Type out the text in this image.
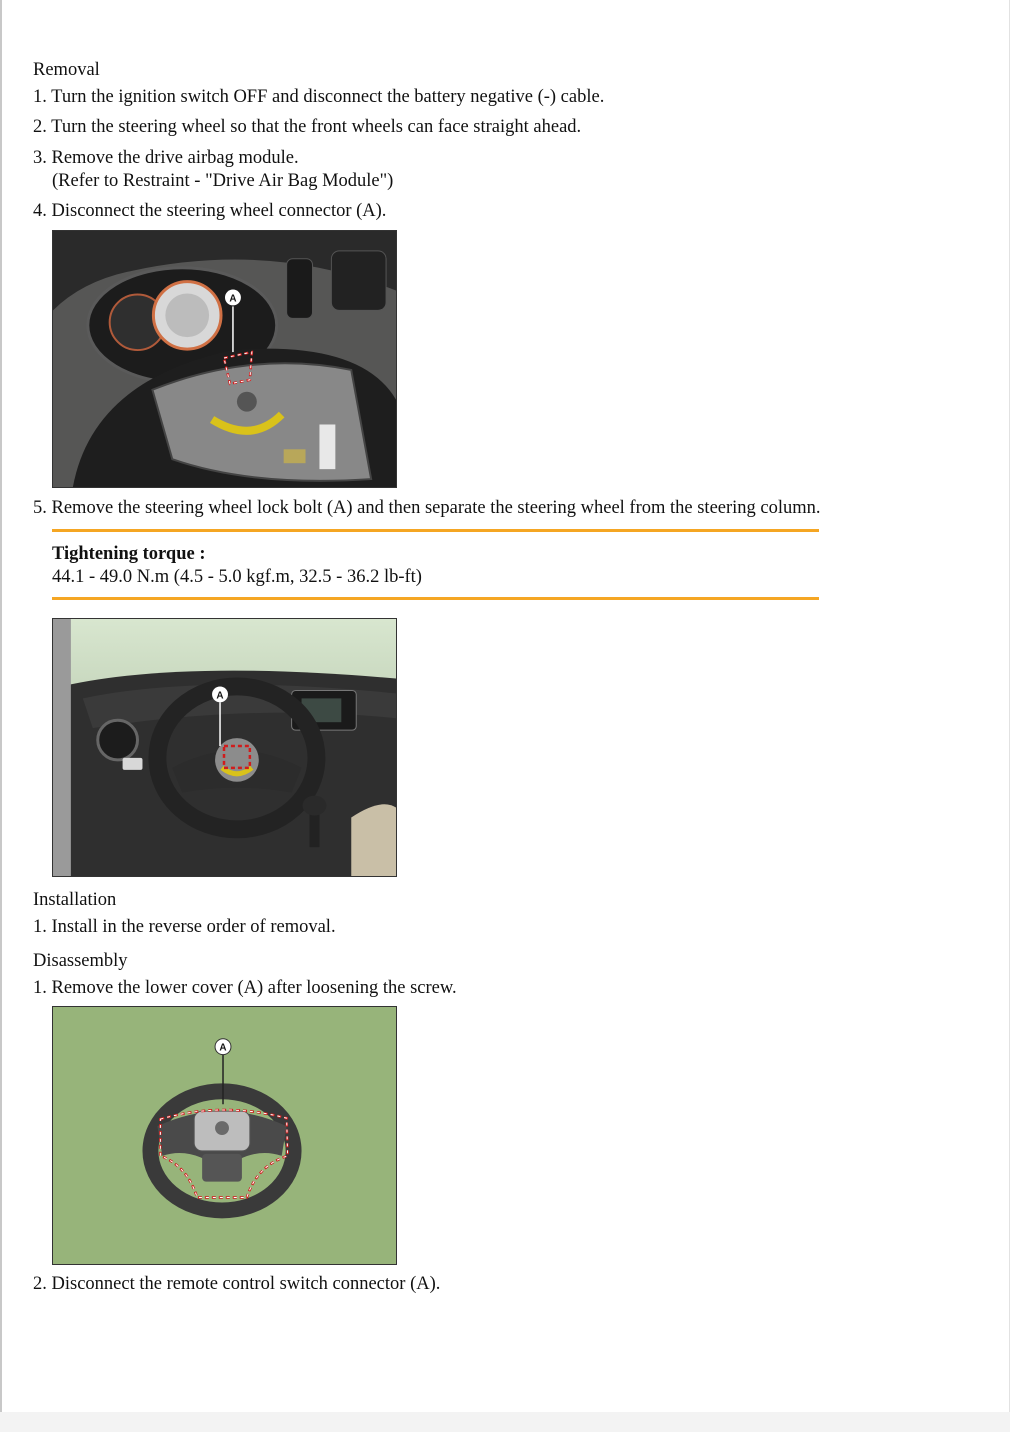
Removal
1. Turn the ignition switch OFF and disconnect the battery negative (-) cable.
2. Turn the steering wheel so that the front wheels can face straight ahead.
3. Remove the drive airbag module.
(Refer to Restraint - "Drive Air Bag Module")
4. Disconnect the steering wheel connector (A).
A
5. Remove the steering wheel lock bolt (A) and then separate the steering wheel from the steering column.
Tightening torque :
44.1 - 49.0 N.m (4.5 - 5.0 kgf.m, 32.5 - 36.2 lb-ft)
A
Installation
1. Install in the reverse order of removal.
Disassembly
1. Remove the lower cover (A) after loosening the screw.
A
2. Disconnect the remote control switch connector (A).
